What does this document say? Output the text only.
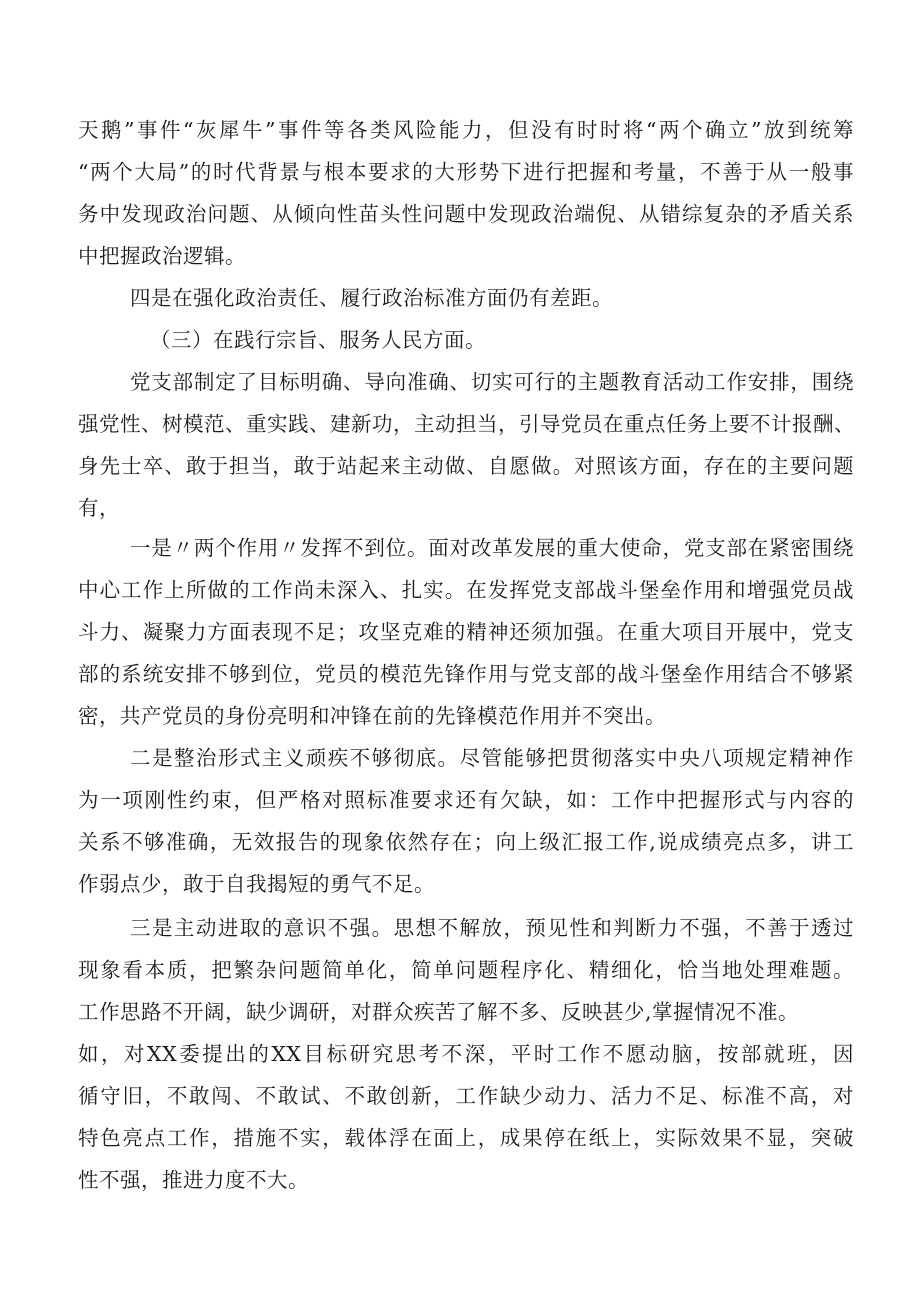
天鹅”事件“灰犀牛”事件等各类风险能力，但没有时时将“两个确立”放到统筹
“两个大局”的时代背景与根本要求的大形势下进行把握和考量，不善于从一般事
务中发现政治问题、从倾向性苗头性问题中发现政治端倪、从错综复杂的矛盾关系
中把握政治逻辑。
四是在强化政治责任、履行政治标准方面仍有差距。
（三）在践行宗旨、服务人民方面。
党支部制定了目标明确、导向准确、切实可行的主题教育活动工作安排，围绕
强党性、树模范、重实践、建新功，主动担当，引导党员在重点任务上要不计报酬、
身先士卒、敢于担当，敢于站起来主动做、自愿做。对照该方面，存在的主要问题
有，
一是〃两个作用〃发挥不到位。面对改革发展的重大使命，党支部在紧密围绕
中心工作上所做的工作尚未深入、扎实。在发挥党支部战斗堡垒作用和增强党员战
斗力、凝聚力方面表现不足；攻坚克难的精神还须加强。在重大项目开展中，党支
部的系统安排不够到位，党员的模范先锋作用与党支部的战斗堡垒作用结合不够紧
密，共产党员的身份亮明和冲锋在前的先锋模范作用并不突出。
二是整治形式主义顽疾不够彻底。尽管能够把贯彻落实中央八项规定精神作
为一项刚性约束，但严格对照标准要求还有欠缺，如：工作中把握形式与内容的
关系不够准确，无效报告的现象依然存在；向上级汇报工作,说成绩亮点多，讲工
作弱点少，敢于自我揭短的勇气不足。
三是主动进取的意识不强。思想不解放，预见性和判断力不强，不善于透过
现象看本质，把繁杂问题简单化，简单问题程序化、精细化，恰当地处理难题。
工作思路不开阔，缺少调研，对群众疾苦了解不多、反映甚少,掌握情况不准。
如，对XX委提出的XX目标研究思考不深，平时工作不愿动脑，按部就班，因
循守旧，不敢闯、不敢试、不敢创新，工作缺少动力、活力不足、标准不高，对
特色亮点工作，措施不实，载体浮在面上，成果停在纸上，实际效果不显，突破
性不强，推进力度不大。
